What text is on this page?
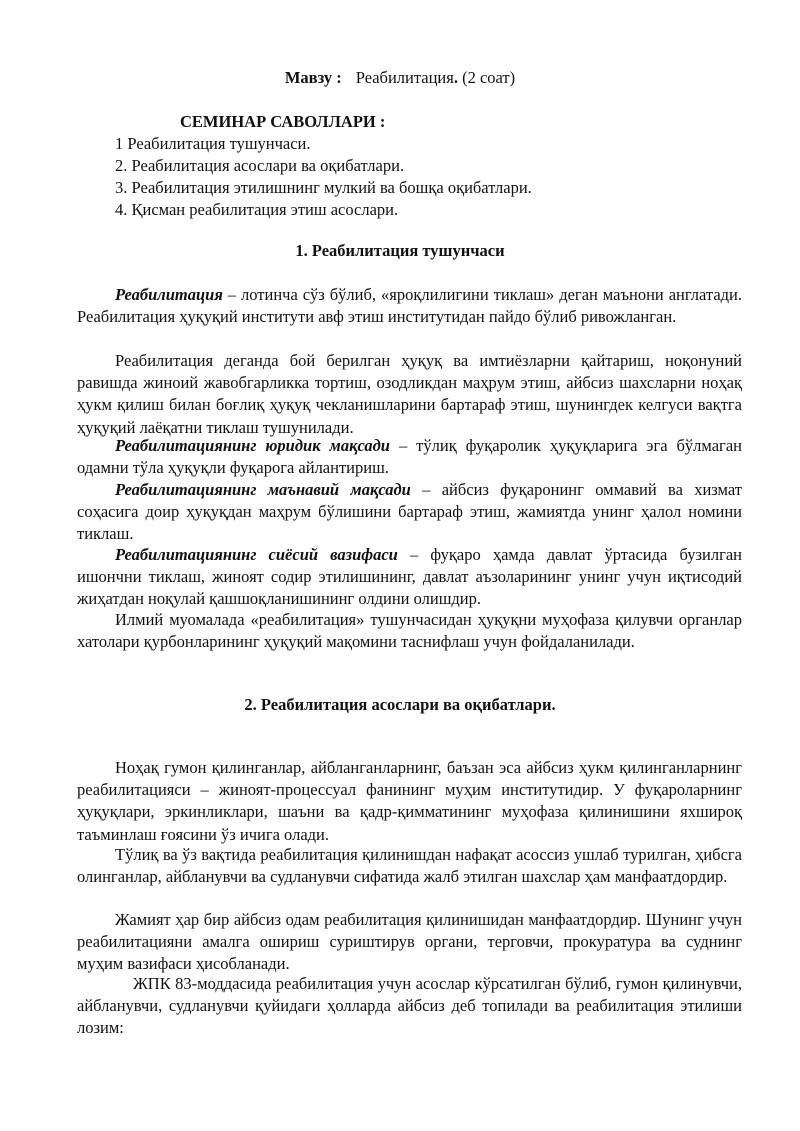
Мавзу : Реабилитация. (2 соат)
СЕМИНАР САВОЛЛАРИ :
1 Реабилитация тушунчаси.
2. Реабилитация асослари ва оқибатлари.
3. Реабилитация этилишнинг мулкий ва бошқа оқибатлари.
4. Қисман реабилитация этиш асослари.
1. Реабилитация тушунчаси

Реабилитация – лотинча сўз бўлиб, «яроқлилигини тиклаш» деган маънони англатади. Реабилитация ҳуқуқий институти авф этиш институтидан пайдо бўлиб ривожланган.

Реабилитация деганда бой берилган ҳуқуқ ва имтиёзларни қайтариш, ноқонуний равишда жиноий жавобгарликка тортиш, озодликдан маҳрум этиш, айбсиз шахсларни ноҳақ ҳукм қилиш билан боғлиқ ҳуқуқ чекланишларини бартараф этиш, шунингдек келгуси вақтга ҳуқуқий лаёқатни тиклаш тушунилади.

Реабилитациянинг юридик мақсади – тўлиқ фуқаролик ҳуқуқларига эга бўлмаган одамни тўла ҳуқуқли фуқарога айлантириш.

Реабилитациянинг маънавий мақсади – айбсиз фуқаронинг оммавий ва хизмат соҳасига доир ҳуқуқдан маҳрум бўлишини бартараф этиш, жамиятда унинг ҳалол номини тиклаш.

Реабилитациянинг сиёсий вазифаси – фуқаро ҳамда давлат ўртасида бузилган ишончни тиклаш, жиноят содир этилишининг, давлат аъзоларининг унинг учун иқтисодий жиҳатдан ноқулай қашшоқланишининг олдини олишдир.

Илмий муомалада «реабилитация» тушунчасидан ҳуқуқни муҳофаза қилувчи органлар хатолари қурбонларининг ҳуқуқий мақомини таснифлаш учун фойдаланилади.

2. Реабилитация асослари ва оқибатлари.

Ноҳақ гумон қилинганлар, айбланганларнинг, баъзан эса айбсиз ҳукм қилинганларнинг реабилитацияси – жиноят-процессуал фанининг муҳим институтидир. У фуқароларнинг ҳуқуқлари, эркинликлари, шаъни ва қадр-қимматининг муҳофаза қилинишини яхшироқ таъминлаш ғоясини ўз ичига олади.

Тўлиқ ва ўз вақтида реабилитация қилинишдан нафақат асоссиз ушлаб турилган, ҳибсга олинганлар, айбланувчи ва судланувчи сифатида жалб этилган шахслар ҳам манфаатдордир.

Жамият ҳар бир айбсиз одам реабилитация қилинишидан манфаатдордир. Шунинг учун реабилитацияни амалга ошириш суриштирув органи, терговчи, прокуратура ва суднинг муҳим вазифаси ҳисобланади.

ЖПК 83-моддасида реабилитация учун асослар кўрсатилган бўлиб, гумон қилинувчи, айбланувчи, судланувчи қуйидаги ҳолларда айбсиз деб топилади ва реабилитация этилиши лозим:
